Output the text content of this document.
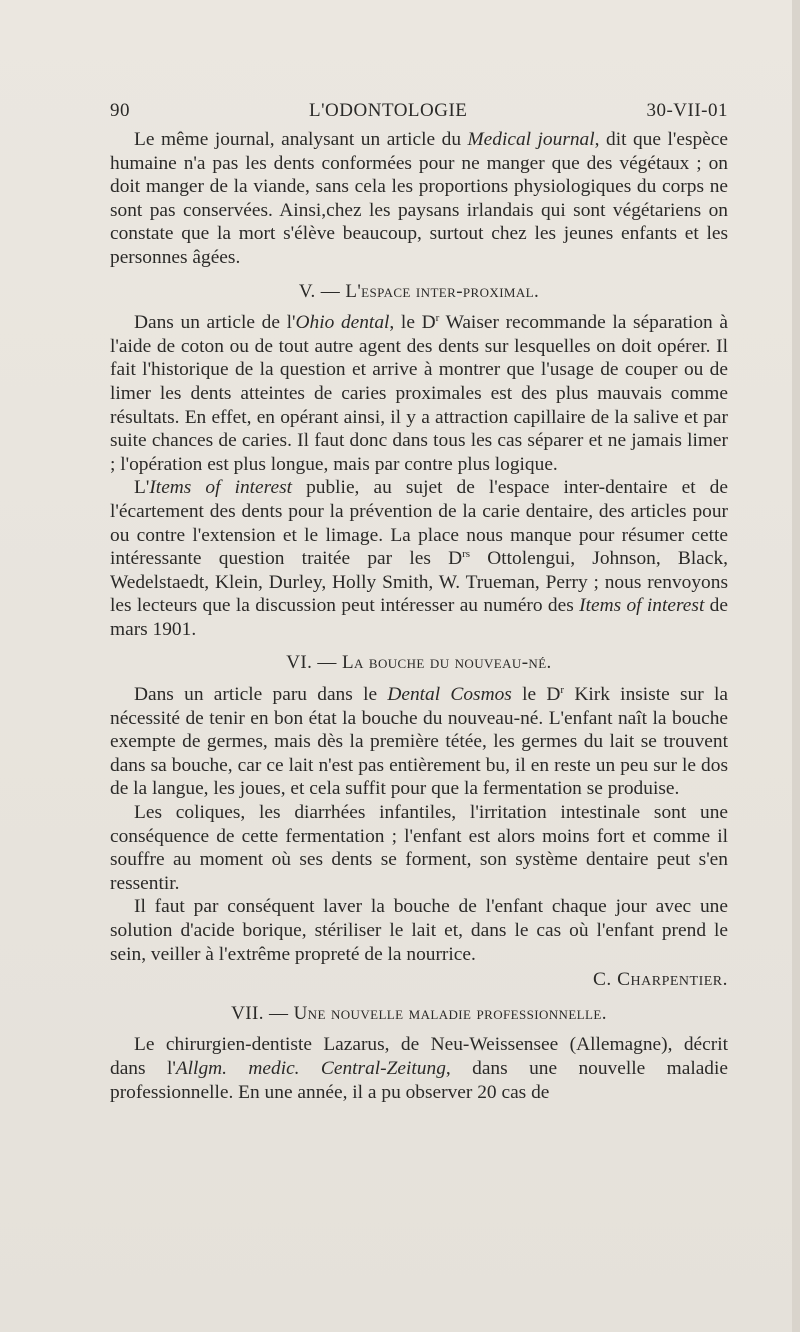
90	L'ODONTOLOGIE	30-VII-01

Le même journal, analysant un article du Medical journal, dit que l'espèce humaine n'a pas les dents conformées pour ne manger que des végétaux ; on doit manger de la viande, sans cela les proportions physiologiques du corps ne sont pas conservées. Ainsi,chez les paysans irlandais qui sont végétariens on constate que la mort s'élève beaucoup, surtout chez les jeunes enfants et les personnes âgées.

V. — L'espace inter-proximal.

Dans un article de l'Ohio dental, le $D^r$ Waiser recommande la séparation à l'aide de coton ou de tout autre agent des dents sur lesquelles on doit opérer. Il fait l'historique de la question et arrive à montrer que l'usage de couper ou de limer les dents atteintes de caries proximales est des plus mauvais comme résultats. En effet, en opérant ainsi, il y a attraction capillaire de la salive et par suite chances de caries. Il faut donc dans tous les cas séparer et ne jamais limer ; l'opération est plus longue, mais par contre plus logique.

L'Items of interest publie, au sujet de l'espace inter-dentaire et de l'écartement des dents pour la prévention de la carie dentaire, des articles pour ou contre l'extension et le limage. La place nous manque pour résumer cette intéressante question traitée par les $D^{rs}$ Ottolengui, Johnson, Black, Wedelstaedt, Klein, Durley, Holly Smith, W. Trueman, Perry ; nous renvoyons les lecteurs que la discussion peut intéresser au numéro des Items of interest de mars 1901.

VI. — La bouche du nouveau-né.

Dans un article paru dans le Dental Cosmos le $D^r$ Kirk insiste sur la nécessité de tenir en bon état la bouche du nouveau-né. L'enfant naît la bouche exempte de germes, mais dès la première tétée, les germes du lait se trouvent dans sa bouche, car ce lait n'est pas entièrement bu, il en reste un peu sur le dos de la langue, les joues, et cela suffit pour que la fermentation se produise.

Les coliques, les diarrhées infantiles, l'irritation intestinale sont une conséquence de cette fermentation ; l'enfant est alors moins fort et comme il souffre au moment où ses dents se forment, son système dentaire peut s'en ressentir.

Il faut par conséquent laver la bouche de l'enfant chaque jour avec une solution d'acide borique, stériliser le lait et, dans le cas où l'enfant prend le sein, veiller à l'extrême propreté de la nourrice.

C. Charpentier.
VII. — Une nouvelle maladie professionnelle.

Le chirurgien-dentiste Lazarus, de Neu-Weissensee (Allemagne), décrit dans l'Allgm. medic. Central-Zeitung, dans une nouvelle maladie professionnelle. En une année, il a pu observer 20 cas de
